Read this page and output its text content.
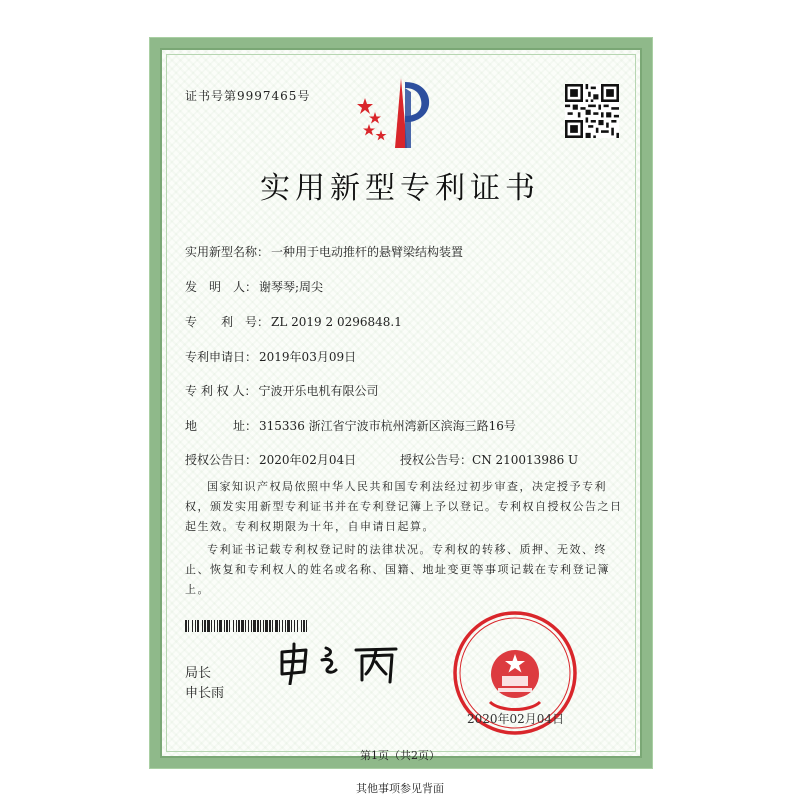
证书号第9997465号
实用新型专利证书
实用新型名称： 一种用于电动推杆的悬臂梁结构装置
发　明　人： 谢琴琴;周尖
专　　利　号： ZL 2019 2 0296848.1
专利申请日： 2019年03月09日
专 利 权 人： 宁波开乐电机有限公司
地　　　址： 315336 浙江省宁波市杭州湾新区滨海三路16号
授权公告日： 2020年02月04日	授权公告号：CN 210013986 U
国家知识产权局依照中华人民共和国专利法经过初步审查，决定授予专利权，颁发实用新型专利证书并在专利登记簿上予以登记。专利权自授权公告之日起生效。专利权期限为十年，自申请日起算。
专利证书记载专利权登记时的法律状况。专利权的转移、质押、无效、终止、恢复和专利权人的姓名或名称、国籍、地址变更等事项记载在专利登记簿上。
局长
申长雨
2020年02月04日
第1页（共2页）
其他事项参见背面
